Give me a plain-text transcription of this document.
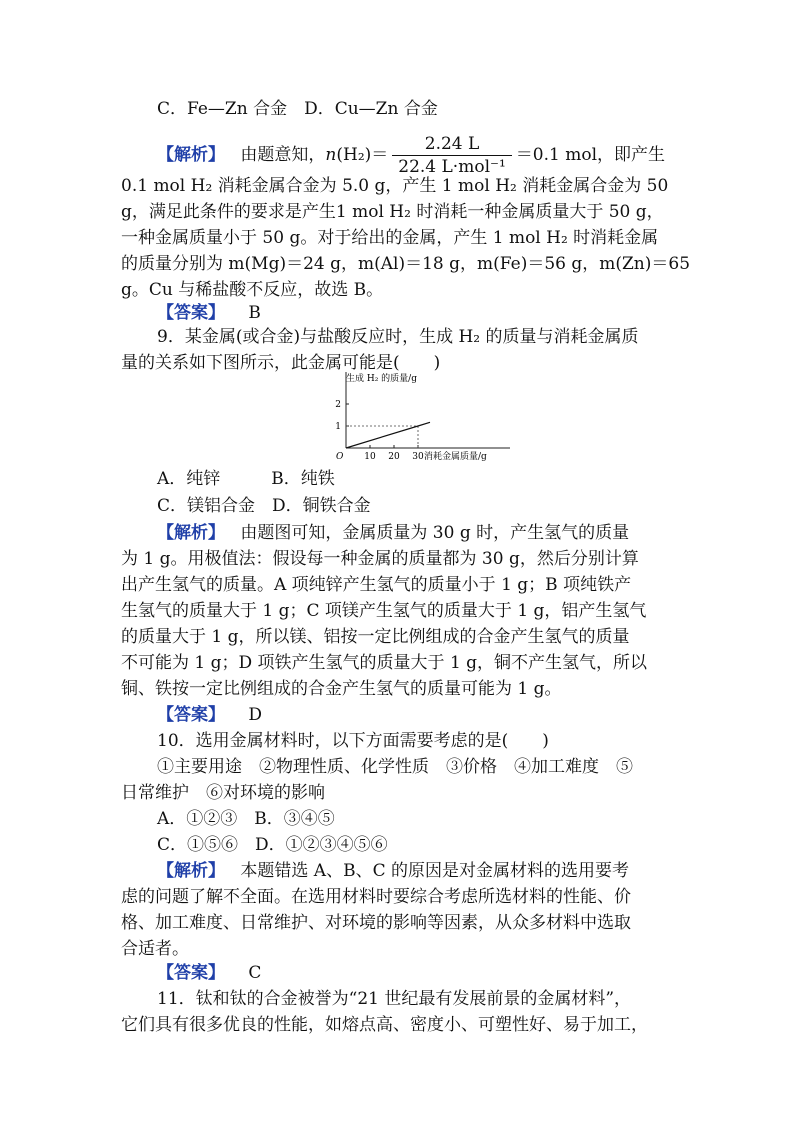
C．Fe—Zn 合金　D．Cu—Zn 合金
【解析】 由题意知，$n(H_2)= \frac{2.24 L}{\text{22.4 L·mol⁻¹}} =0.1$ mol，即产生
0.1 mol H₂ 消耗金属合金为 5.0 g，产生 1 mol H₂ 消耗金属合金为 50
g，满足此条件的要求是产生1 mol H₂ 时消耗一种金属质量大于 50 g，
一种金属质量小于 50 g。对于给出的金属，产生 1 mol H₂ 时消耗金属
的质量分别为 m(Mg)＝24 g，m(Al)＝18 g，m(Fe)＝56 g，m(Zn)＝65
g。Cu 与稀盐酸不反应，故选 B。
【答案】 B
9．某金属(或合金)与盐酸反应时，生成 H₂ 的质量与消耗金属质
量的关系如下图所示，此金属可能是(　　)
10 20 30
1
2
生成 H₂ 的质量/g
消耗金属质量/g
O
A．纯锌　　　B．纯铁
C．镁铝合金　D．铜铁合金
【解析】 由题图可知，金属质量为 30 g 时，产生氢气的质量
为 1 g。用极值法：假设每一种金属的质量都为 30 g，然后分别计算
出产生氢气的质量。A 项纯锌产生氢气的质量小于 1 g；B 项纯铁产
生氢气的质量大于 1 g；C 项镁产生氢气的质量大于 1 g，铝产生氢气
的质量大于 1 g，所以镁、铝按一定比例组成的合金产生氢气的质量
不可能为 1 g；D 项铁产生氢气的质量大于 1 g，铜不产生氢气，所以
铜、铁按一定比例组成的合金产生氢气的质量可能为 1 g。
【答案】 D
10．选用金属材料时，以下方面需要考虑的是(　　)
①主要用途　②物理性质、化学性质　③价格　④加工难度　⑤
日常维护　⑥对环境的影响
A．①②③　B．③④⑤
C．①⑤⑥　D．①②③④⑤⑥
【解析】 本题错选 A、B、C 的原因是对金属材料的选用要考
虑的问题了解不全面。在选用材料时要综合考虑所选材料的性能、价
格、加工难度、日常维护、对环境的影响等因素，从众多材料中选取
合适者。
【答案】 C
11．钛和钛的合金被誉为“21 世纪最有发展前景的金属材料”，
它们具有很多优良的性能，如熔点高、密度小、可塑性好、易于加工，
